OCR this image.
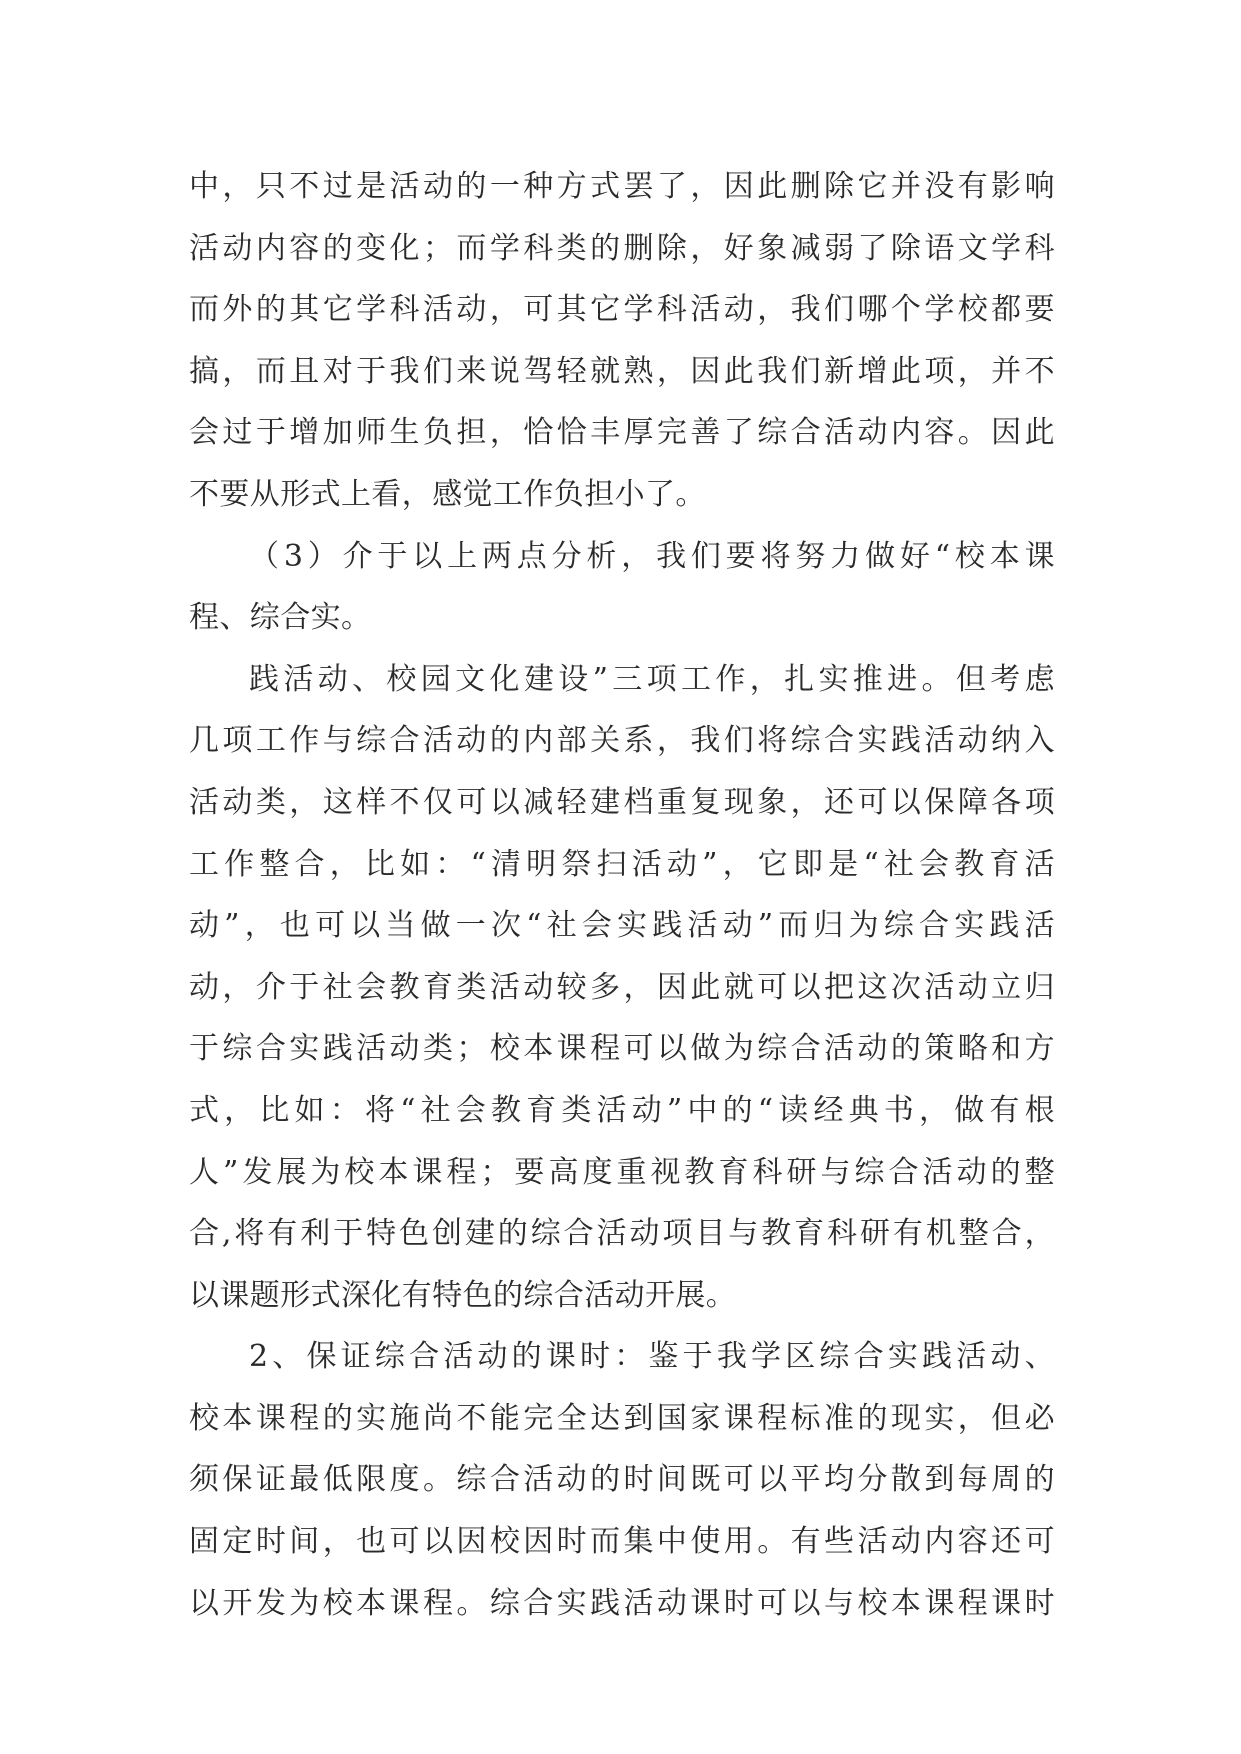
中，只不过是活动的一种方式罢了，因此删除它并没有影响
活动内容的变化；而学科类的删除，好象减弱了除语文学科
而外的其它学科活动，可其它学科活动，我们哪个学校都要
搞，而且对于我们来说驾轻就熟，因此我们新增此项，并不
会过于增加师生负担，恰恰丰厚完善了综合活动内容。因此
不要从形式上看，感觉工作负担小了。
（3）介于以上两点分析，我们要将努力做好“校本课
程、综合实。
践活动、校园文化建设”三项工作，扎实推进。但考虑
几项工作与综合活动的内部关系，我们将综合实践活动纳入
活动类，这样不仅可以减轻建档重复现象，还可以保障各项
工作整合，比如：“清明祭扫活动”，它即是“社会教育活
动”，也可以当做一次“社会实践活动”而归为综合实践活
动，介于社会教育类活动较多，因此就可以把这次活动立归
于综合实践活动类；校本课程可以做为综合活动的策略和方
式，比如：将“社会教育类活动”中的“读经典书，做有根
人”发展为校本课程；要高度重视教育科研与综合活动的整
合,将有利于特色创建的综合活动项目与教育科研有机整合，
以课题形式深化有特色的综合活动开展。
2、保证综合活动的课时：鉴于我学区综合实践活动、
校本课程的实施尚不能完全达到国家课程标准的现实，但必
须保证最低限度。综合活动的时间既可以平均分散到每周的
固定时间，也可以因校因时而集中使用。有些活动内容还可
以开发为校本课程。综合实践活动课时可以与校本课程课时
